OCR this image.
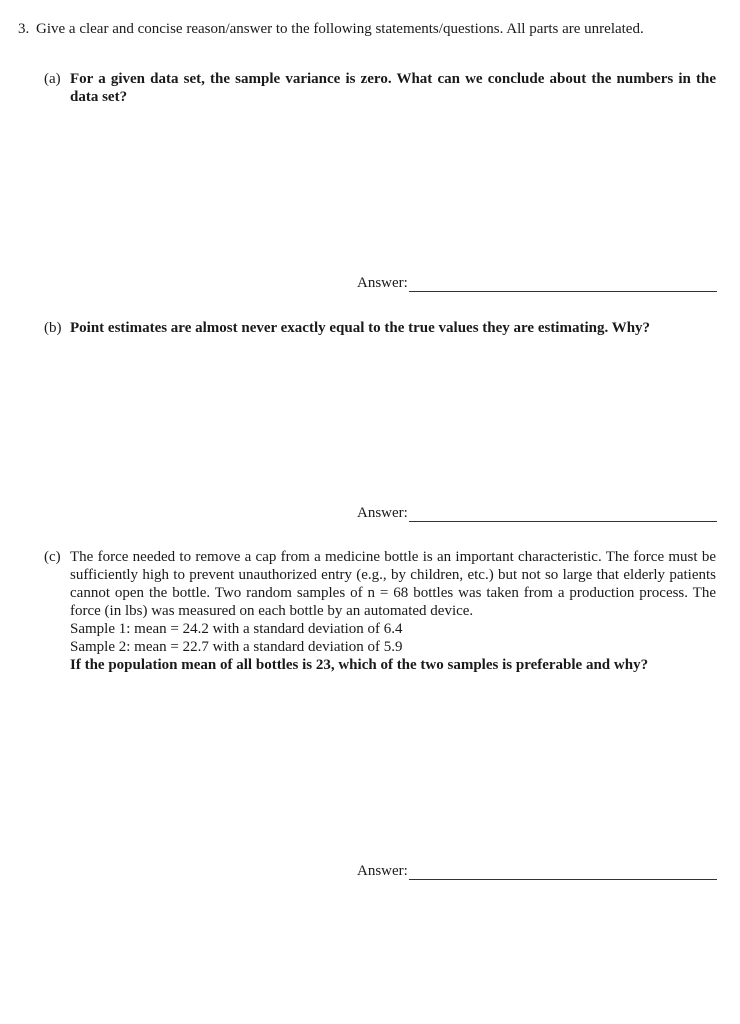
3. Give a clear and concise reason/answer to the following statements/questions. All parts are unrelated.
(a) For a given data set, the sample variance is zero. What can we conclude about the numbers in the data set?
Answer:
(b) Point estimates are almost never exactly equal to the true values they are estimating. Why?
Answer:
(c) The force needed to remove a cap from a medicine bottle is an important characteristic. The force must be sufficiently high to prevent unauthorized entry (e.g., by children, etc.) but not so large that elderly patients cannot open the bottle. Two random samples of n = 68 bottles was taken from a production process. The force (in lbs) was measured on each bottle by an automated device.

Sample 1: mean = 24.2 with a standard deviation of 6.4

Sample 2: mean = 22.7 with a standard deviation of 5.9

If the population mean of all bottles is 23, which of the two samples is preferable and why?

Answer:
